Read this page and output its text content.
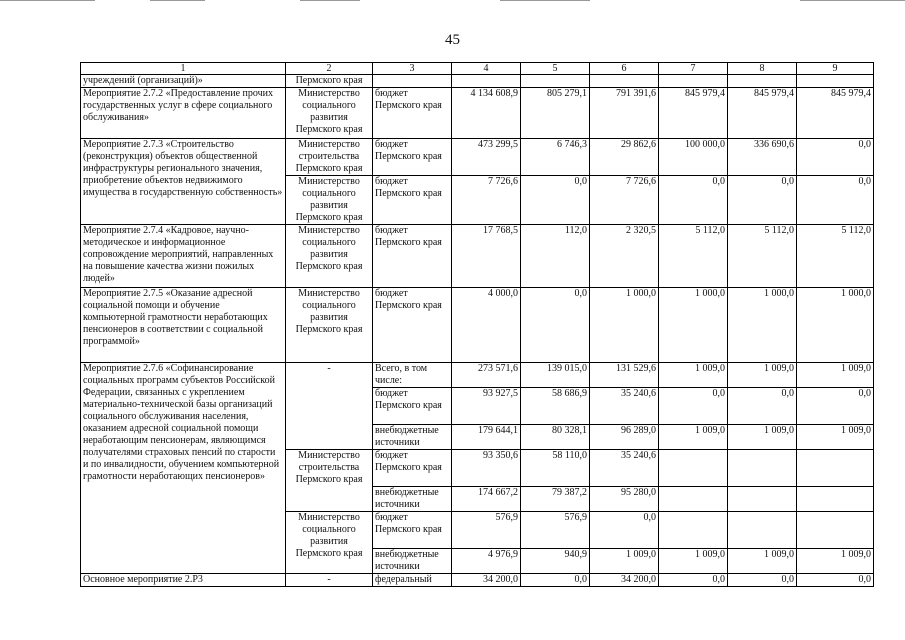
45
1	2	3	4	5	6	7	8	9
учреждений (организаций)»	Пермского края							
Мероприятие 2.7.2 «Предоставление прочих государственных услуг в сфере социального обслуживания»	Министерство социального развития Пермского края	бюджет Пермского края	4 134 608,9	805 279,1	791 391,6	845 979,4	845 979,4	845 979,4
Мероприятие 2.7.3 «Строительство (реконструкция) объектов общественной инфраструктуры регионального значения, приобретение объектов недвижимого имущества в государственную собственность»	Министерство строительства Пермского края	бюджет Пермского края	473 299,5	6 746,3	29 862,6	100 000,0	336 690,6	0,0
	Министерство социального развития Пермского края	бюджет Пермского края	7 726,6	0,0	7 726,6	0,0	0,0	0,0
Мероприятие 2.7.4 «Кадровое, научно-методическое и информационное сопровождение мероприятий, направленных на повышение качества жизни пожилых людей»	Министерство социального развития Пермского края	бюджет Пермского края	17 768,5	112,0	2 320,5	5 112,0	5 112,0	5 112,0
Мероприятие 2.7.5 «Оказание адресной социальной помощи и обучение компьютерной грамотности неработающих пенсионеров в соответствии с социальной программой»	Министерство социального развития Пермского края	бюджет Пермского края	4 000,0	0,0	1 000,0	1 000,0	1 000,0	1 000,0
Мероприятие 2.7.6 «Софинансирование социальных программ субъектов Российской Федерации, связанных с укреплением материально-технической базы организаций социального обслуживания населения, оказанием адресной социальной помощи неработающим пенсионерам, являющимся получателями страховых пенсий по старости и по инвалидности, обучением компьютерной грамотности неработающих пенсионеров»	-	Всего, в том числе:	273 571,6	139 015,0	131 529,6	1 009,0	1 009,0	1 009,0
		бюджет Пермского края	93 927,5	58 686,9	35 240,6	0,0	0,0	0,0
		внебюджетные источники	179 644,1	80 328,1	96 289,0	1 009,0	1 009,0	1 009,0
	Министерство строительства Пермского края	бюджет Пермского края	93 350,6	58 110,0	35 240,6			
		внебюджетные источники	174 667,2	79 387,2	95 280,0			
	Министерство социального развития Пермского края	бюджет Пермского края	576,9	576,9	0,0			
		внебюджетные источники	4 976,9	940,9	1 009,0	1 009,0	1 009,0	1 009,0
Основное мероприятие 2.Р3	-	федеральный	34 200,0	0,0	34 200,0	0,0	0,0	0,0
